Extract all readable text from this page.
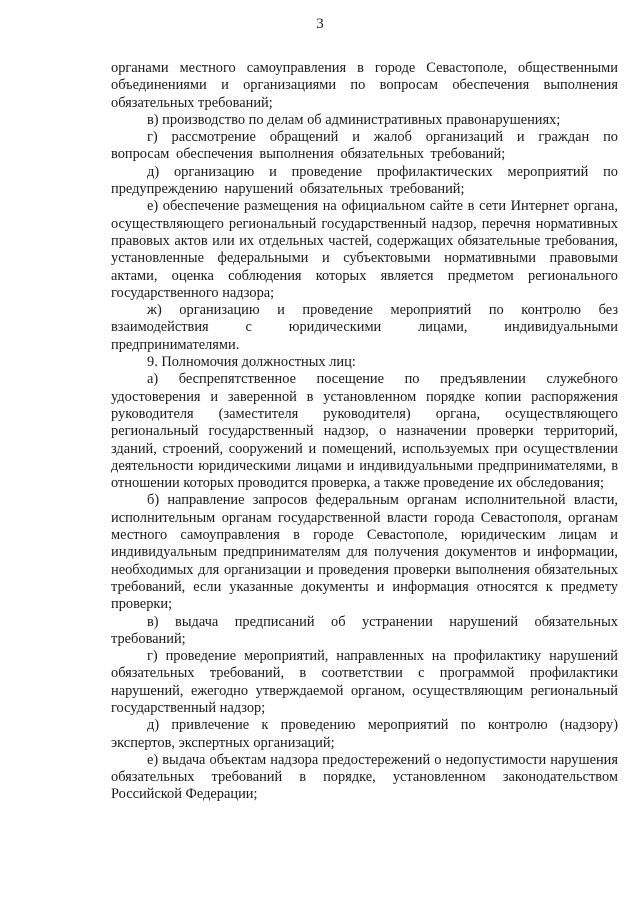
3

органами местного самоуправления в городе Севастополе, общественными объединениями и организациями по вопросам обеспечения выполнения обязательных требований;

в) производство по делам об административных правонарушениях;

г) рассмотрение обращений и жалоб организаций и граждан по вопросам обеспечения выполнения обязательных требований;

д) организацию и проведение профилактических мероприятий по предупреждению нарушений обязательных требований;

е) обеспечение размещения на официальном сайте в сети Интернет органа, осуществляющего региональный государственный надзор, перечня нормативных правовых актов или их отдельных частей, содержащих обязательные требования, установленные федеральными и субъектовыми нормативными правовыми актами, оценка соблюдения которых является предметом регионального государственного надзора;

ж) организацию и проведение мероприятий по контролю без взаимодействия с юридическими лицами, индивидуальными предпринимателями.

9. Полномочия должностных лиц:

а) беспрепятственное посещение по предъявлении служебного удостоверения и заверенной в установленном порядке копии распоряжения руководителя (заместителя руководителя) органа, осуществляющего региональный государственный надзор, о назначении проверки территорий, зданий, строений, сооружений и помещений, используемых при осуществлении деятельности юридическими лицами и индивидуальными предпринимателями, в отношении которых проводится проверка, а также проведение их обследования;

б) направление запросов федеральным органам исполнительной власти, исполнительным органам государственной власти города Севастополя, органам местного самоуправления в городе Севастополе, юридическим лицам и индивидуальным предпринимателям для получения документов и информации, необходимых для организации и проведения проверки выполнения обязательных требований, если указанные документы и информация относятся к предмету проверки;

в) выдача предписаний об устранении нарушений обязательных требований;

г) проведение мероприятий, направленных на профилактику нарушений обязательных требований, в соответствии с программой профилактики нарушений, ежегодно утверждаемой органом, осуществляющим региональный государственный надзор;

д) привлечение к проведению мероприятий по контролю (надзору) экспертов, экспертных организаций;

е) выдача объектам надзора предостережений о недопустимости нарушения обязательных требований в порядке, установленном законодательством Российской Федерации;
